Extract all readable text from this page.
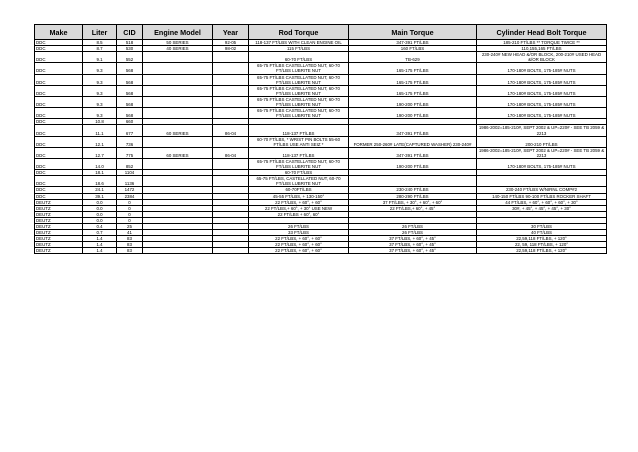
Make	Liter	CID	Engine Model	Year	Rod Torque	Main Torque	Cylinder Head Bolt Torque
DDC	8.5	518	50 SERIES	92-05	118-137 FT/LBS WITH CLEAN ENGINE OIL	347-391 FT/LBS	185-210 FT/LBS ** TORQUE TWICE **
DDC	8.7	530	40 SERIES	98-02	115 FT/LBS	160 FT/LBS	110,155,165 FT/LBS
DDC	9.1	552			60-70 FT/LBS	TB-629	230-240# NEW HEAD &/OR BLOCK, 200-210# USED HEAD &/OR BLOCK
DDC	9.3	568			65-75 FT/LBS CASTELLATED NUT, 60-70 FT/LBS LUBRITE NUT	165-175 FT/LBS	170-180# BOLTS, 175-185# NUTS
DDC	9.3	568			65-75 FT/LBS CASTELLATED NUT, 60-70 FT/LBS LUBRITE NUT	165-175 FT/LBS	170-180# BOLTS, 175-185# NUTS
DDC	9.3	568			65-75 FT/LBS CASTELLATED NUT, 60-70 FT/LBS LUBRITE NUT	165-175 FT/LBS	170-180# BOLTS, 175-185# NUTS
DDC	9.3	568			65-75 FT/LBS CASTELLATED NUT, 60-70 FT/LBS LUBRITE NUT	190-200 FT/LBS	170-180# BOLTS, 175-185# NUTS
DDC	9.3	568			65-75 FT/LBS CASTELLATED NUT, 60-70 FT/LBS LUBRITE NUT	190-200 FT/LBS	170-180# BOLTS, 175-185# NUTS
DDC	10.8	660					
DDC	11.1	677	60 SERIES	86-04	118-137 FT/LBS	347-391 FT/LBS	1986-2002=185-210#, SEPT 2002 & UP=220# - SEE TB 2059 & 2213
DDC	12.1	736			60-70 FT/LBS, * WRIST PIN BOLTS 55-60 FT/LBS USE ANTI SEIZ *	FORMER 250-260# LATE(CAPTURED WASHER) 230-240#	200-210 FT/LBS
DDC	12.7	775	60 SERIES	86-04	118-137 FT/LBS	347-391 FT/LBS	1986-2002=185-210#, SEPT 2002 & UP=220# - SEE TB 2059 & 2213
DDC	14.0	852			65-75 FT/LBS CASTELLATED NUT, 60-70 FT/LBS LUBRITE NUT	190-200 FT/LBS	170-180# BOLTS, 175-185# NUTS
DDC	18.1	1104			60-70 FT/LBS		
DDC	18.6	1136			65-75 FT/LBS, CASTELLATED NUT, 60-70 FT/LBS LUBRITE NUT		
DDC	24.1	1472			60-70FT/LBS	230-240 FT/LBS	230-240 FT/LBS W/NIRNL COMP#2
DDC	39.1	2384			45-55 FT/LBS, + 130-150°	280-290 FT/LBS	140-150 FT/LBS 90-100 FT/LBS ROCKER SHAFT
DEUTZ	0.0	0			22 FT/LBS, + 60°, + 60°	37 FT/LBS, + 30°, + 60°, + 60°	44 FT/LBS, + 60°, + 60°, + 60°, + 30°
DEUTZ	0.0	0			22 FT/LBS,+ 60°, + 30° USE NEW	22 FT/LBS,+ 60°, + 45°	30#, + 45°, + 45°, + 45°, + 30°
DEUTZ	0.0	0			22 FT/LBS + 60°, 60°		
DEUTZ	0.0	0					
DEUTZ	0.4	25			26 FT/LBS	26 FT/LBS	30 FT/LBS
DEUTZ	0.7	41			33 FT/LBS	26 FT/LBS	40 FT/LBS
DEUTZ	1.4	83			22 FT/LBS, + 60°, + 60°	37 FT/LBS, + 60°, + 45°	22,59,118 FT/LBS, + 120°
DEUTZ	1.4	83			22 FT/LBS, + 60°, + 60°	37 FT/LBS, + 60°, + 45°	22, 59, 118 FT/LBS, + 120°
DEUTZ	1.4	83			22 FT/LBS, + 60°, + 60°	37 FT/LBS, + 60°, + 45°	22,59,118 FT/LBS, + 120°
